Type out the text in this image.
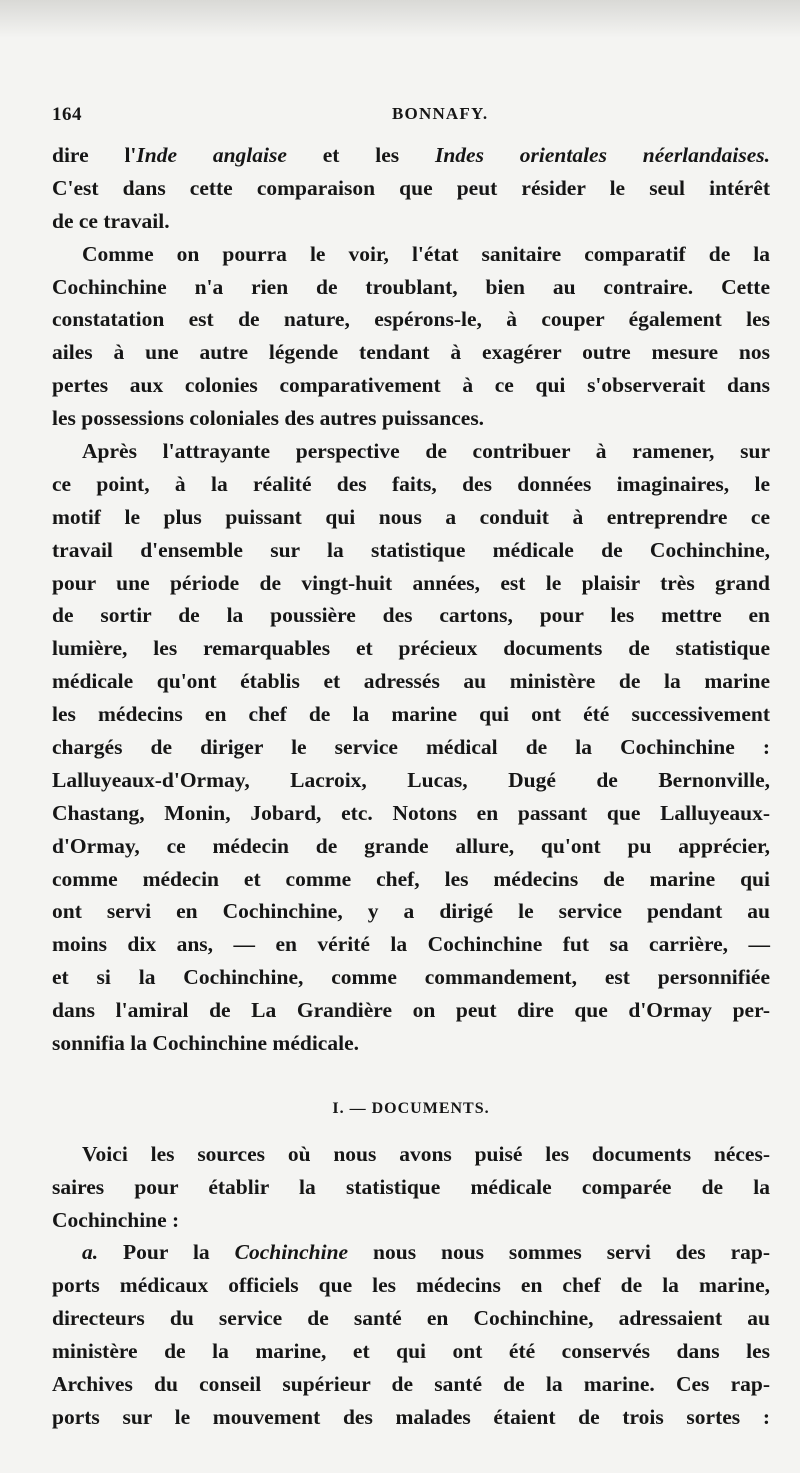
164	BONNAFY.
dire l'Inde anglaise et les Indes orientales néerlandaises.
C'est dans cette comparaison que peut résider le seul intérêt
de ce travail.
Comme on pourra le voir, l'état sanitaire comparatif de la
Cochinchine n'a rien de troublant, bien au contraire. Cette
constatation est de nature, espérons-le, à couper également les
ailes à une autre légende tendant à exagérer outre mesure nos
pertes aux colonies comparativement à ce qui s'observerait dans
les possessions coloniales des autres puissances.
Après l'attrayante perspective de contribuer à ramener, sur
ce point, à la réalité des faits, des données imaginaires, le
motif le plus puissant qui nous a conduit à entreprendre ce
travail d'ensemble sur la statistique médicale de Cochinchine,
pour une période de vingt-huit années, est le plaisir très grand
de sortir de la poussière des cartons, pour les mettre en
lumière, les remarquables et précieux documents de statistique
médicale qu'ont établis et adressés au ministère de la marine
les médecins en chef de la marine qui ont été successivement
chargés de diriger le service médical de la Cochinchine :
Lalluyeaux-d'Ormay, Lacroix, Lucas, Dugé de Bernonville,
Chastang, Monin, Jobard, etc. Notons en passant que Lalluyeaux-
d'Ormay, ce médecin de grande allure, qu'ont pu apprécier,
comme médecin et comme chef, les médecins de marine qui
ont servi en Cochinchine, y a dirigé le service pendant au
moins dix ans, — en vérité la Cochinchine fut sa carrière, —
et si la Cochinchine, comme commandement, est personnifiée
dans l'amiral de La Grandière on peut dire que d'Ormay per-
sonnifia la Cochinchine médicale.
I. — DOCUMENTS.
Voici les sources où nous avons puisé les documents néces-
saires pour établir la statistique médicale comparée de la
Cochinchine :
a. Pour la Cochinchine nous nous sommes servi des rap-
ports médicaux officiels que les médecins en chef de la marine,
directeurs du service de santé en Cochinchine, adressaient au
ministère de la marine, et qui ont été conservés dans les
Archives du conseil supérieur de santé de la marine. Ces rap-
ports sur le mouvement des malades étaient de trois sortes :
